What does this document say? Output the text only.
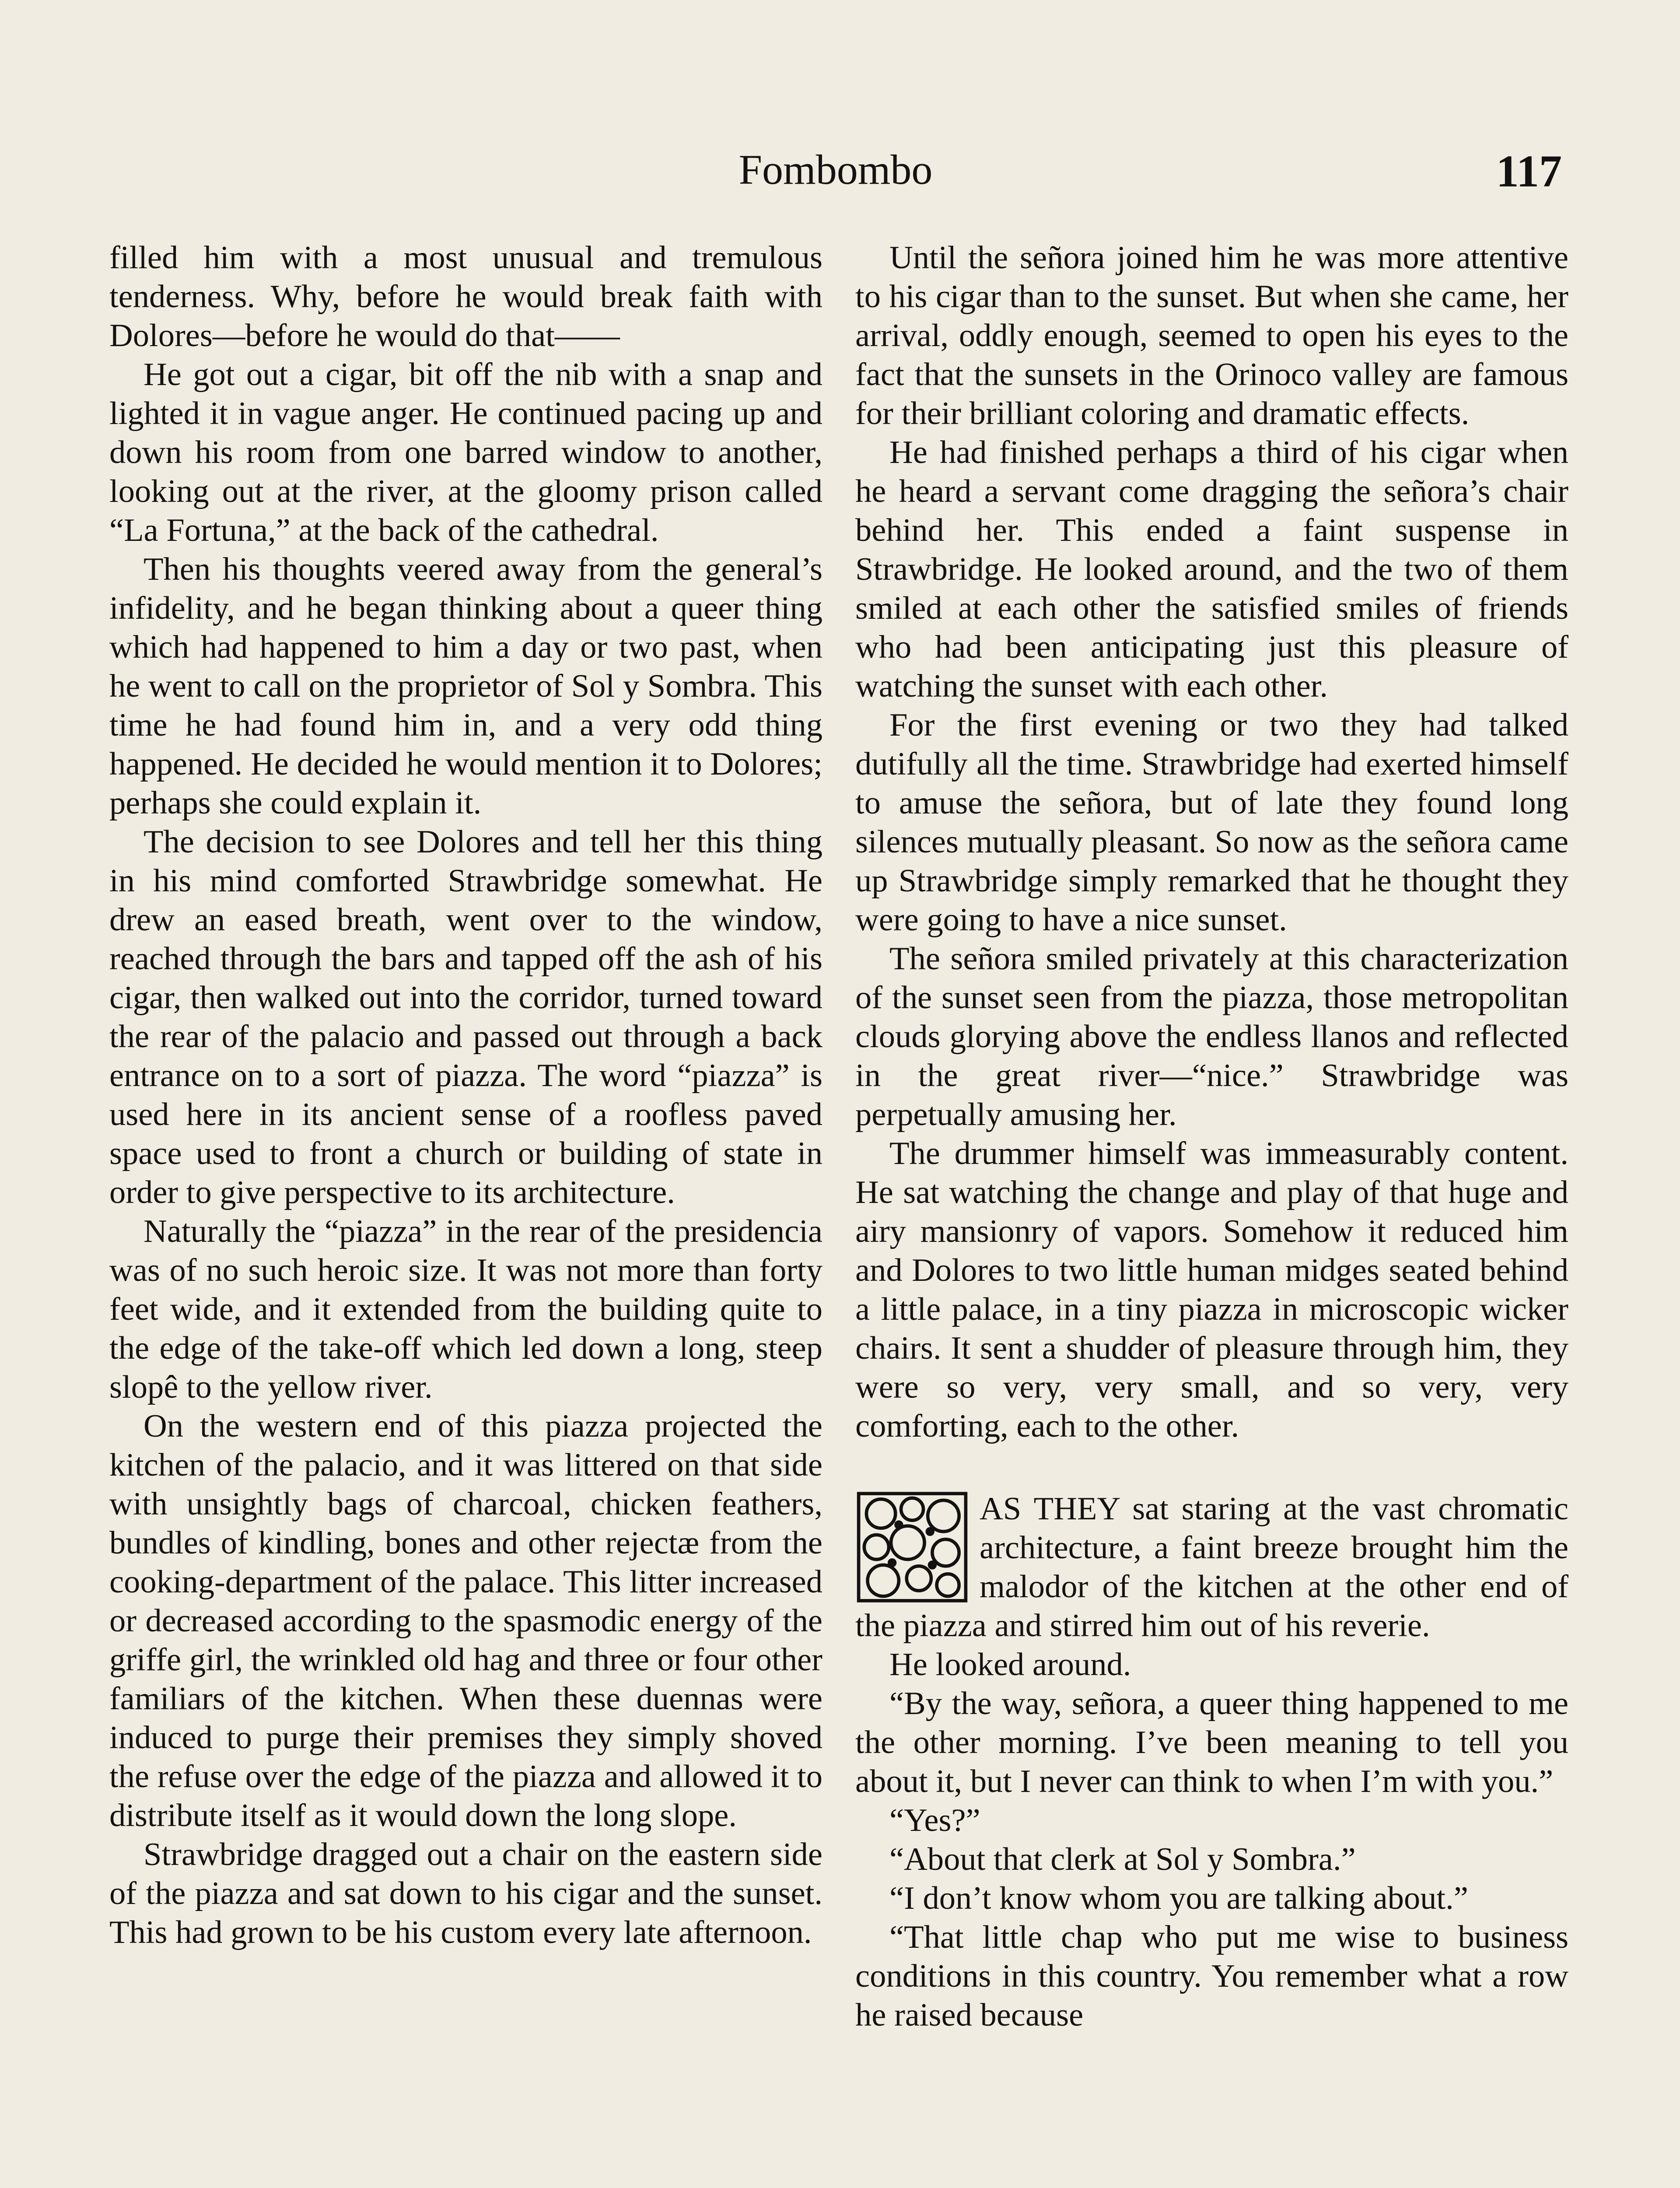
Fombombo	117

filled him with a most unusual and tremulous tenderness. Why, before he would break faith with Dolores—before he would do that——

He got out a cigar, bit off the nib with a snap and lighted it in vague anger. He continued pacing up and down his room from one barred window to another, looking out at the river, at the gloomy prison called “La Fortuna,” at the back of the cathedral.

Then his thoughts veered away from the general’s infidelity, and he began thinking about a queer thing which had happened to him a day or two past, when he went to call on the proprietor of Sol y Sombra. This time he had found him in, and a very odd thing happened. He decided he would mention it to Dolores; perhaps she could explain it.

The decision to see Dolores and tell her this thing in his mind comforted Strawbridge somewhat. He drew an eased breath, went over to the window, reached through the bars and tapped off the ash of his cigar, then walked out into the corridor, turned toward the rear of the palacio and passed out through a back entrance on to a sort of piazza. The word “piazza” is used here in its ancient sense of a roofless paved space used to front a church or building of state in order to give perspective to its architecture.

Naturally the “piazza” in the rear of the presidencia was of no such heroic size. It was not more than forty feet wide, and it extended from the building quite to the edge of the take-off which led down a long, steep slopê to the yellow river.

On the western end of this piazza projected the kitchen of the palacio, and it was littered on that side with unsightly bags of charcoal, chicken feathers, bundles of kindling, bones and other rejectæ from the cooking-department of the palace. This litter increased or decreased according to the spasmodic energy of the griffe girl, the wrinkled old hag and three or four other familiars of the kitchen. When these duennas were induced to purge their premises they simply shoved the refuse over the edge of the piazza and allowed it to distribute itself as it would down the long slope.

Strawbridge dragged out a chair on the eastern side of the piazza and sat down to his cigar and the sunset. This had grown to be his custom every late afternoon.

Until the señora joined him he was more attentive to his cigar than to the sunset. But when she came, her arrival, oddly enough, seemed to open his eyes to the fact that the sunsets in the Orinoco valley are famous for their brilliant coloring and dramatic effects.

He had finished perhaps a third of his cigar when he heard a servant come dragging the señora’s chair behind her. This ended a faint suspense in Strawbridge. He looked around, and the two of them smiled at each other the satisfied smiles of friends who had been anticipating just this pleasure of watching the sunset with each other.

For the first evening or two they had talked dutifully all the time. Strawbridge had exerted himself to amuse the señora, but of late they found long silences mutually pleasant. So now as the señora came up Strawbridge simply remarked that he thought they were going to have a nice sunset.

The señora smiled privately at this characterization of the sunset seen from the piazza, those metropolitan clouds glorying above the endless llanos and reflected in the great river—“nice.” Strawbridge was perpetually amusing her.

The drummer himself was immeasurably content. He sat watching the change and play of that huge and airy mansionry of vapors. Somehow it reduced him and Dolores to two little human midges seated behind a little palace, in a tiny piazza in microscopic wicker chairs. It sent a shudder of pleasure through him, they were so very, very small, and so very, very comforting, each to the other.

AS THEY sat staring at the vast chromatic architecture, a faint breeze brought him the malodor of the kitchen at the other end of the piazza and stirred him out of his reverie.

He looked around.

“By the way, señora, a queer thing happened to me the other morning. I’ve been meaning to tell you about it, but I never can think to when I’m with you.”

“Yes?”

“About that clerk at Sol y Sombra.”

“I don’t know whom you are talking about.”

“That little chap who put me wise to business conditions in this country. You remember what a row he raised because
